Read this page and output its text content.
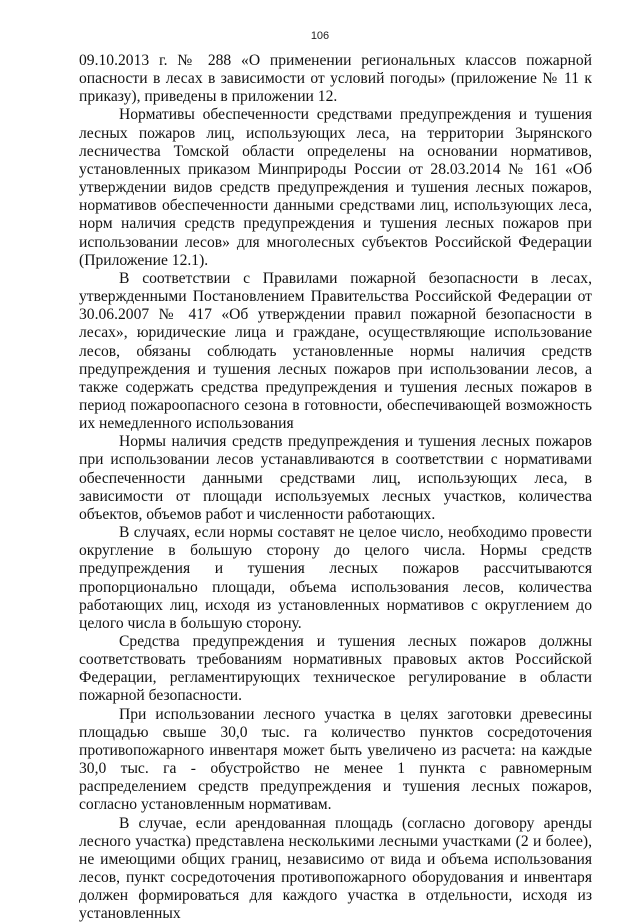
106

09.10.2013 г. № 288 «О применении региональных классов пожарной опасности в лесах в зависимости от условий погоды» (приложение № 11 к приказу), приведены в приложении 12.

Нормативы обеспеченности средствами предупреждения и тушения лесных пожаров лиц, использующих леса, на территории Зырянского лесничества Томской области определены на основании нормативов, установленных приказом Минприроды России от 28.03.2014 № 161 «Об утверждении видов средств предупреждения и тушения лесных пожаров, нормативов обеспеченности данными средствами лиц, использующих леса, норм наличия средств предупреждения и тушения лесных пожаров при использовании лесов» для многолесных субъектов Российской Федерации (Приложение 12.1).

В соответствии с Правилами пожарной безопасности в лесах, утвержденными Постановлением Правительства Российской Федерации от 30.06.2007 № 417 «Об утверждении правил пожарной безопасности в лесах», юридические лица и граждане, осуществляющие использование лесов, обязаны соблюдать установленные нормы наличия средств предупреждения и тушения лесных пожаров при использовании лесов, а также содержать средства предупреждения и тушения лесных пожаров в период пожароопасного сезона в готовности, обеспечивающей возможность их немедленного использования

Нормы наличия средств предупреждения и тушения лесных пожаров при использовании лесов устанавливаются в соответствии с нормативами обеспеченности данными средствами лиц, использующих леса, в зависимости от площади используемых лесных участков, количества объектов, объемов работ и численности работающих.

В случаях, если нормы составят не целое число, необходимо провести округление в большую сторону до целого числа. Нормы средств предупреждения и тушения лесных пожаров рассчитываются пропорционально площади, объема использования лесов, количества работающих лиц, исходя из установленных нормативов с округлением до целого числа в большую сторону.

Средства предупреждения и тушения лесных пожаров должны соответствовать требованиям нормативных правовых актов Российской Федерации, регламентирующих техническое регулирование в области пожарной безопасности.

При использовании лесного участка в целях заготовки древесины площадью свыше 30,0 тыс. га количество пунктов сосредоточения противопожарного инвентаря может быть увеличено из расчета: на каждые 30,0 тыс. га - обустройство не менее 1 пункта с равномерным распределением средств предупреждения и тушения лесных пожаров, согласно установленным нормативам.

В случае, если арендованная площадь (согласно договору аренды лесного участка) представлена несколькими лесными участками (2 и более), не имеющими общих границ, независимо от вида и объема использования лесов, пункт сосредоточения противопожарного оборудования и инвентаря должен формироваться для каждого участка в отдельности, исходя из установленных
